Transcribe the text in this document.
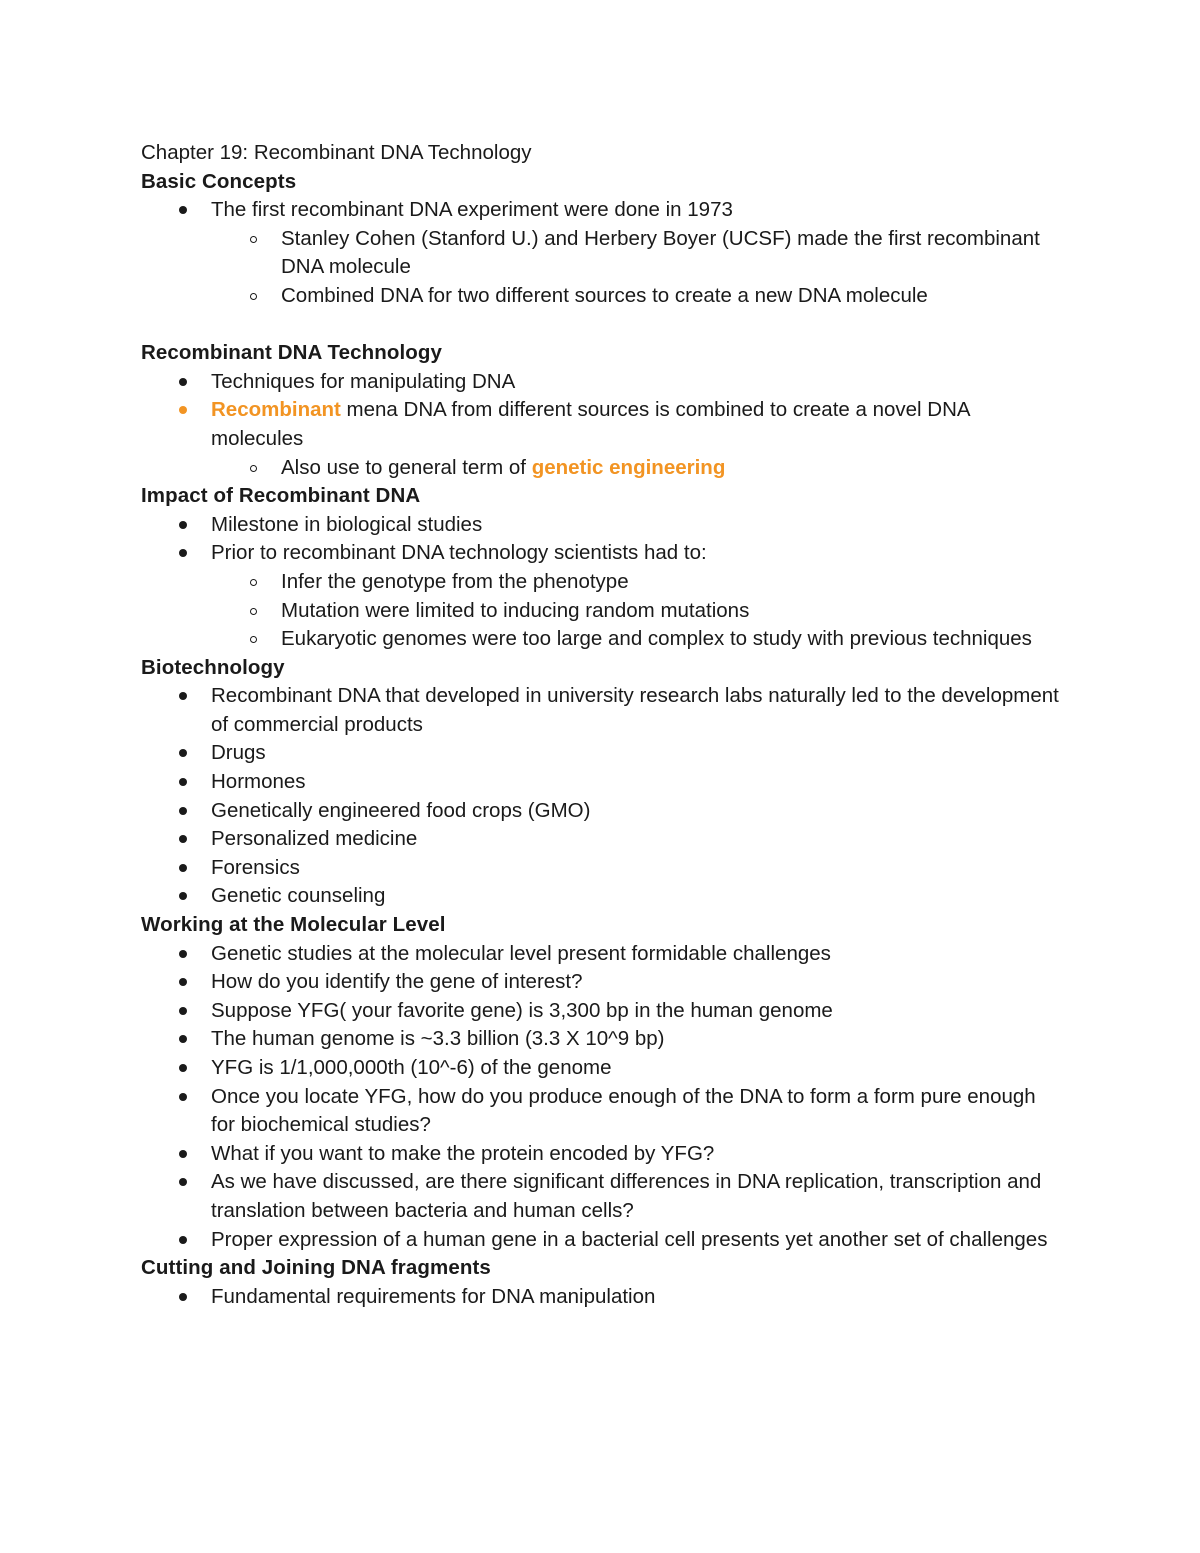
Chapter 19: Recombinant DNA Technology

Basic Concepts

The first recombinant DNA experiment were done in 1973
Stanley Cohen (Stanford U.) and Herbery Boyer (UCSF) made the first recombinant DNA molecule
Combined DNA for two different sources to create a new DNA molecule

Recombinant DNA Technology

Techniques for manipulating DNA
Recombinant mena DNA from different sources is combined to create a novel DNA molecules
Also use to general term of genetic engineering

Impact of Recombinant DNA

Milestone in biological studies
Prior to recombinant DNA technology scientists had to:
Infer the genotype from the phenotype
Mutation were limited to inducing random mutations
Eukaryotic genomes were too large and complex to study with previous techniques

Biotechnology

Recombinant DNA that developed in university research labs naturally led to the development of commercial products
Drugs
Hormones
Genetically engineered food crops (GMO)
Personalized medicine
Forensics
Genetic counseling

Working at the Molecular Level

Genetic studies at the molecular level present formidable challenges
How do you identify the gene of interest?
Suppose YFG( your favorite gene) is 3,300 bp in the human genome
The human genome is ~3.3 billion (3.3 X 10^9 bp)
YFG is 1/1,000,000th (10^-6) of the genome
Once you locate YFG, how do you produce enough of the DNA to form a form pure enough for biochemical studies?
What if you want to make the protein encoded by YFG?
As we have discussed, are there significant differences in DNA replication, transcription and translation between bacteria and human cells?
Proper expression of a human gene in a bacterial cell presents yet another set of challenges

Cutting and Joining DNA fragments

Fundamental requirements for DNA manipulation
